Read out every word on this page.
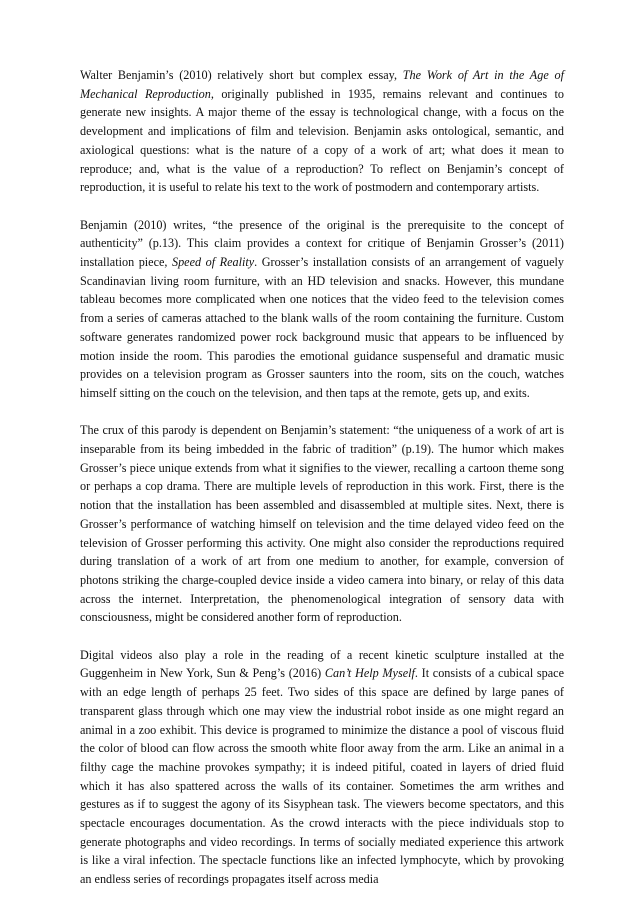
Walter Benjamin’s (2010) relatively short but complex essay, The Work of Art in the Age of Mechanical Reproduction, originally published in 1935, remains relevant and continues to generate new insights. A major theme of the essay is technological change, with a focus on the development and implications of film and television. Benjamin asks ontological, semantic, and axiological questions: what is the nature of a copy of a work of art; what does it mean to reproduce; and, what is the value of a reproduction? To reflect on Benjamin’s concept of reproduction, it is useful to relate his text to the work of postmodern and contemporary artists.

Benjamin (2010) writes, “the presence of the original is the prerequisite to the concept of authenticity” (p.13). This claim provides a context for critique of Benjamin Grosser’s (2011) installation piece, Speed of Reality. Grosser’s installation consists of an arrangement of vaguely Scandinavian living room furniture, with an HD television and snacks. However, this mundane tableau becomes more complicated when one notices that the video feed to the television comes from a series of cameras attached to the blank walls of the room containing the furniture. Custom software generates randomized power rock background music that appears to be influenced by motion inside the room. This parodies the emotional guidance suspenseful and dramatic music provides on a television program as Grosser saunters into the room, sits on the couch, watches himself sitting on the couch on the television, and then taps at the remote, gets up, and exits.

The crux of this parody is dependent on Benjamin’s statement: “the uniqueness of a work of art is inseparable from its being imbedded in the fabric of tradition” (p.19). The humor which makes Grosser’s piece unique extends from what it signifies to the viewer, recalling a cartoon theme song or perhaps a cop drama. There are multiple levels of reproduction in this work. First, there is the notion that the installation has been assembled and disassembled at multiple sites. Next, there is Grosser’s performance of watching himself on television and the time delayed video feed on the television of Grosser performing this activity. One might also consider the reproductions required during translation of a work of art from one medium to another, for example, conversion of photons striking the charge-coupled device inside a video camera into binary, or relay of this data across the internet. Interpretation, the phenomenological integration of sensory data with consciousness, might be considered another form of reproduction.

Digital videos also play a role in the reading of a recent kinetic sculpture installed at the Guggenheim in New York, Sun & Peng’s (2016) Can’t Help Myself. It consists of a cubical space with an edge length of perhaps 25 feet. Two sides of this space are defined by large panes of transparent glass through which one may view the industrial robot inside as one might regard an animal in a zoo exhibit. This device is programed to minimize the distance a pool of viscous fluid the color of blood can flow across the smooth white floor away from the arm. Like an animal in a filthy cage the machine provokes sympathy; it is indeed pitiful, coated in layers of dried fluid which it has also spattered across the walls of its container. Sometimes the arm writhes and gestures as if to suggest the agony of its Sisyphean task. The viewers become spectators, and this spectacle encourages documentation. As the crowd interacts with the piece individuals stop to generate photographs and video recordings. In terms of socially mediated experience this artwork is like a viral infection. The spectacle functions like an infected lymphocyte, which by provoking an endless series of recordings propagates itself across media
